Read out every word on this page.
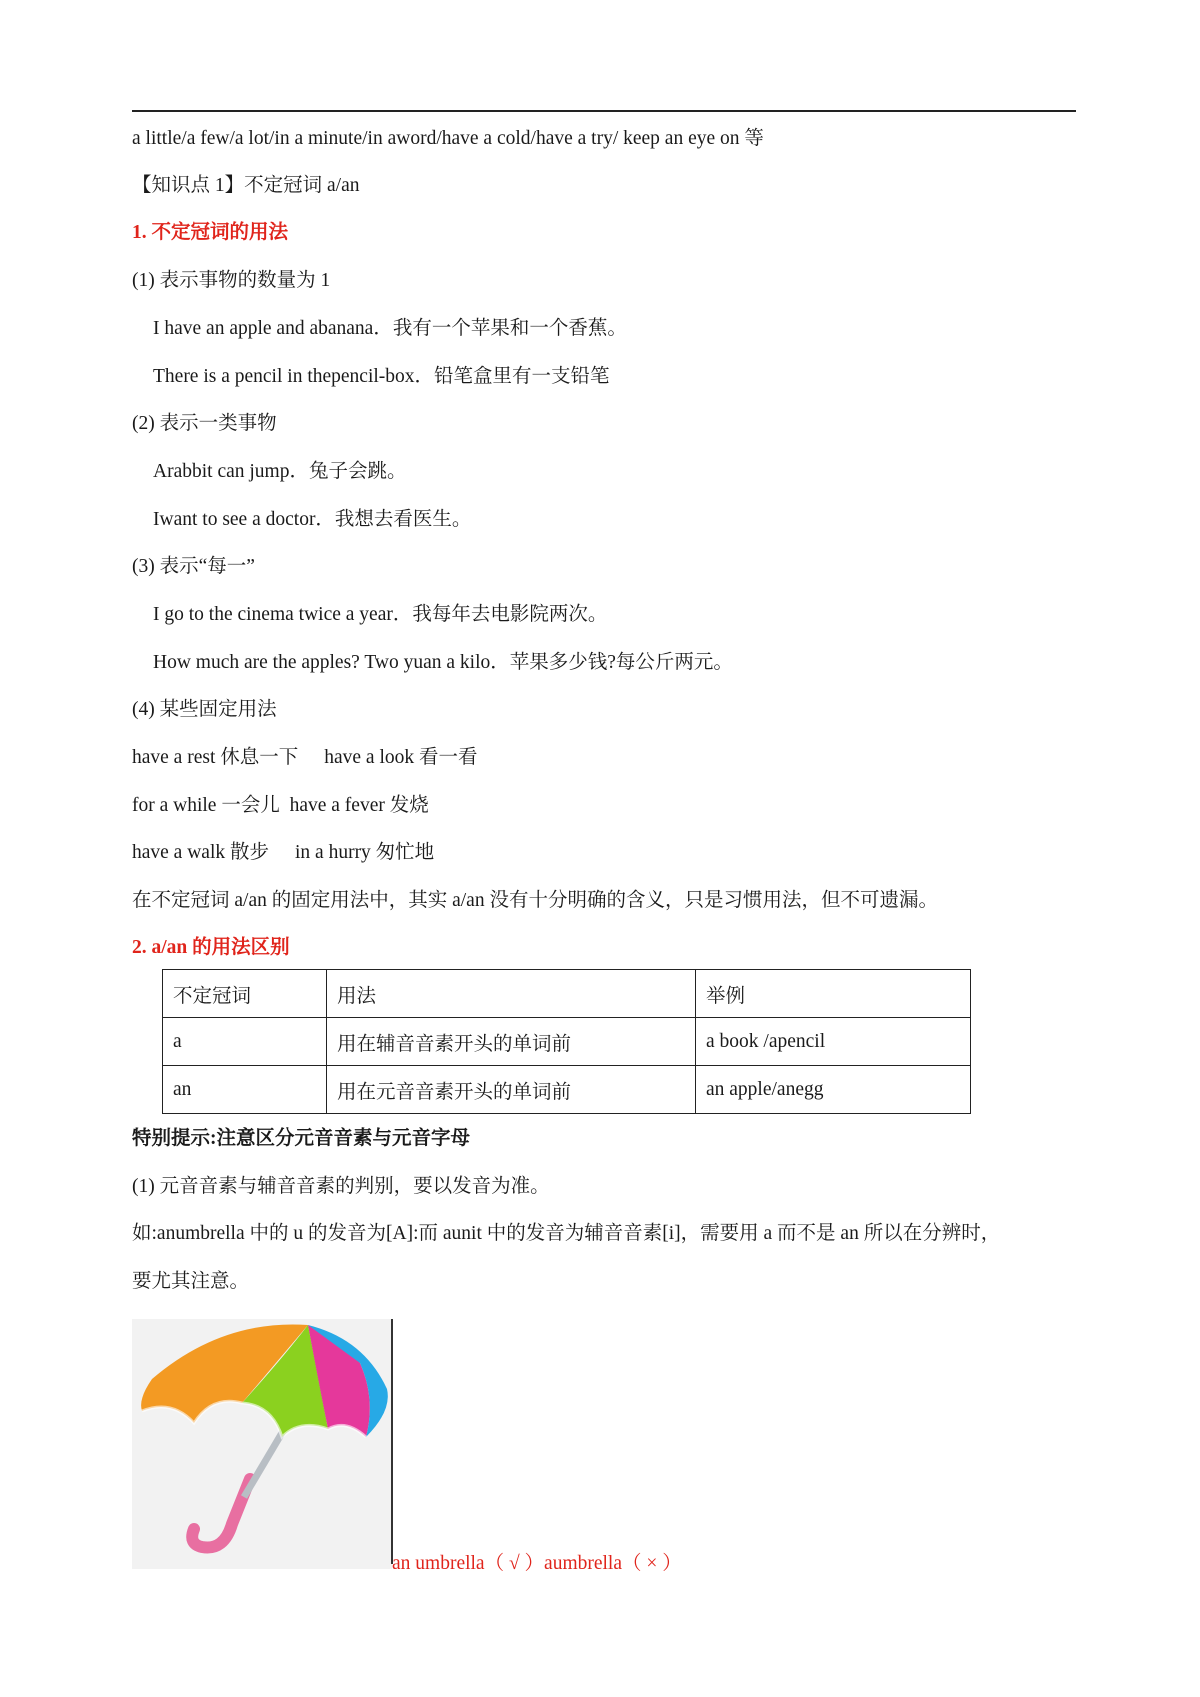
a little/a few/a lot/in a minute/in aword/have a cold/have a try/ keep an eye on 等
【知识点 1】不定冠词 a/an
1. 不定冠词的用法
(1) 表示事物的数量为 1
I have an apple and abanana．我有一个苹果和一个香蕉。
There is a pencil in thepencil-box．铅笔盒里有一支铅笔
(2) 表示一类事物
Arabbit can jump．兔子会跳。
Iwant to see a doctor．我想去看医生。
(3) 表示“每一”
I go to the cinema twice a year．我每年去电影院两次。
How much are the apples? Two yuan a kilo．苹果多少钱?每公斤两元。
(4) 某些固定用法
have a rest 休息一下 have a look 看一看
for a while 一会儿 have a fever 发烧
have a walk 散步 in a hurry 匆忙地
在不定冠词 a/an 的固定用法中，其实 a/an 没有十分明确的含义，只是习惯用法，但不可遗漏。
2. a/an 的用法区别
不定冠词	用法	举例
a	用在辅音音素开头的单词前	a book /apencil
an	用在元音音素开头的单词前	an apple/anegg
特别提示:注意区分元音音素与元音字母
(1) 元音音素与辅音音素的判别，要以发音为准。
如:anumbrella 中的 u 的发音为[A]:而 aunit 中的发音为辅音音素[i]，需要用 a 而不是 an 所以在分辨时，
要尤其注意。
an umbrella（ √ ）aumbrella（ × ）
